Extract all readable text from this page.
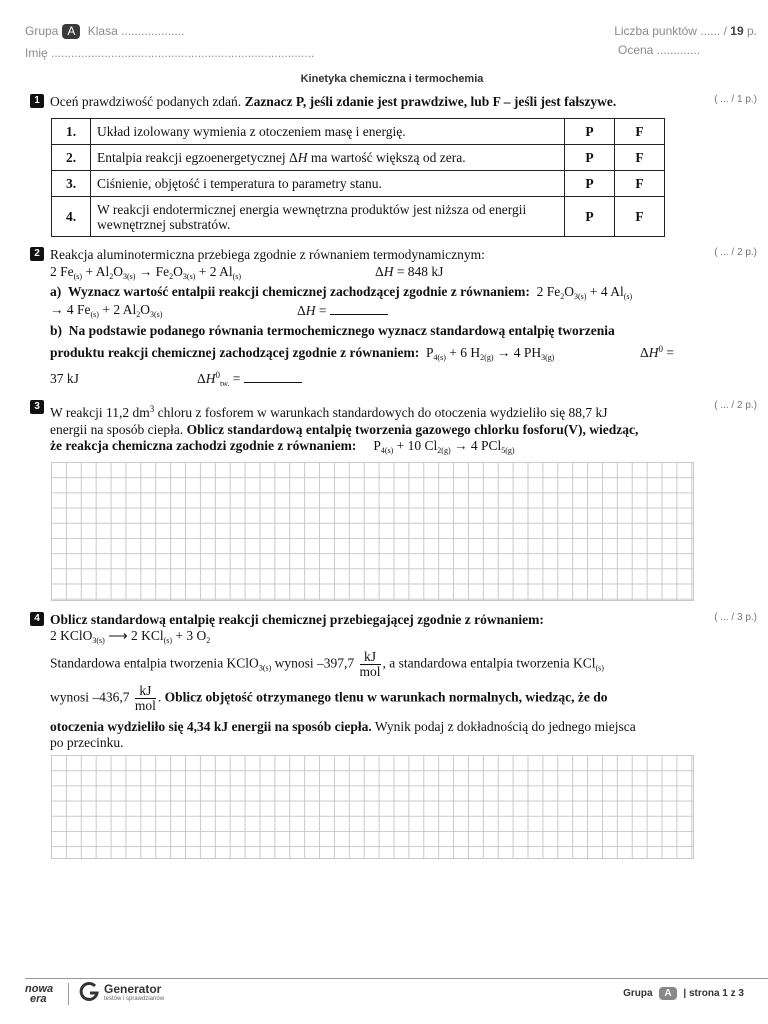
Grupa A Klasa ...................
Imię ...............................................................................
Liczba punktów ...... / 19 p.
Ocena .............
Kinetyka chemiczna i termochemia
1	( ... / 1 p.)
Oceń prawdziwość podanych zdań. Zaznacz P, jeśli zdanie jest prawdziwe, lub F – jeśli jest fałszywe.
1.	Układ izolowany wymienia z otoczeniem masę i energię.	P	F
2.	Entalpia reakcji egzoenergetycznej ΔH ma wartość większą od zera.	P	F
3.	Ciśnienie, objętość i temperatura to parametry stanu.	P	F
4.	W reakcji endotermicznej energia wewnętrzna produktów jest niższa od energii wewnętrznej substratów.	P	F
2	( ... / 2 p.)
Reakcja aluminotermiczna przebiega zgodnie z równaniem termodynamicznym:
2 $Fe_{(s)} + Al_2O_{3(s)} \to Fe_2O_{3(s)} + 2$ $Al_{(s)}$	ΔH = 848 kJ
a) Wyznacz wartość entalpii reakcji chemicznej zachodzącej zgodnie z równaniem:  2 $Fe_2O_{3(s)} + 4$ $Al_{(s)}$
→ 4 $Fe_{(s)} + 2$ $Al_2O_{3(s)}$	ΔH =
b) Na podstawie podanego równania termochemicznego wyznacz standardową entalpię tworzenia
produktu reakcji chemicznej zachodzącej zgodnie z równaniem:  $P_{4(s)} + 6$ $H_{2(g)} \to 4$ $PH_{3(g)}$	$\Delta H^0$ =
37 kJ	$\Delta H^0_{tw.}$ =
3	( ... / 2 p.)
W reakcji 11,2 $dm^3$ chloru z fosforem w warunkach standardowych do otoczenia wydzieliło się 88,7 kJ
energii na sposób ciepła. Oblicz standardową entalpię tworzenia gazowego chlorku fosforu(V), wiedząc,
że reakcja chemiczna zachodzi zgodnie z równaniem:     $P_{4(s)} + 10$ $Cl_{2(g)} \to 4$ PCl$_{5(g)}$
4	( ... / 3 p.)
Oblicz standardową entalpię reakcji chemicznej przebiegającej zgodnie z równaniem:
2 KClO$_{3(s)}$ ⟶ 2 KCl$_{(s)}$ + 3 $O_2$
Standardowa entalpia tworzenia KClO$_{3(s)}$ wynosi $-397,7 \frac{kJ}{\text{mol}}$ , a standardowa entalpia tworzenia KCl$_{(s)}$
wynosi $-436,7 \frac{kJ}{\text{mol}}$ . Oblicz objętość otrzymanego tlenu w warunkach normalnych, wiedząc, że do
otoczenia wydzieliło się 4,34 kJ energii na sposób ciepła. Wynik podaj z dokładnością do jednego miejsca
po przecinku.
nowa
era
Generator
testów i sprawdzianów	Grupa A | strona 1 z 3
